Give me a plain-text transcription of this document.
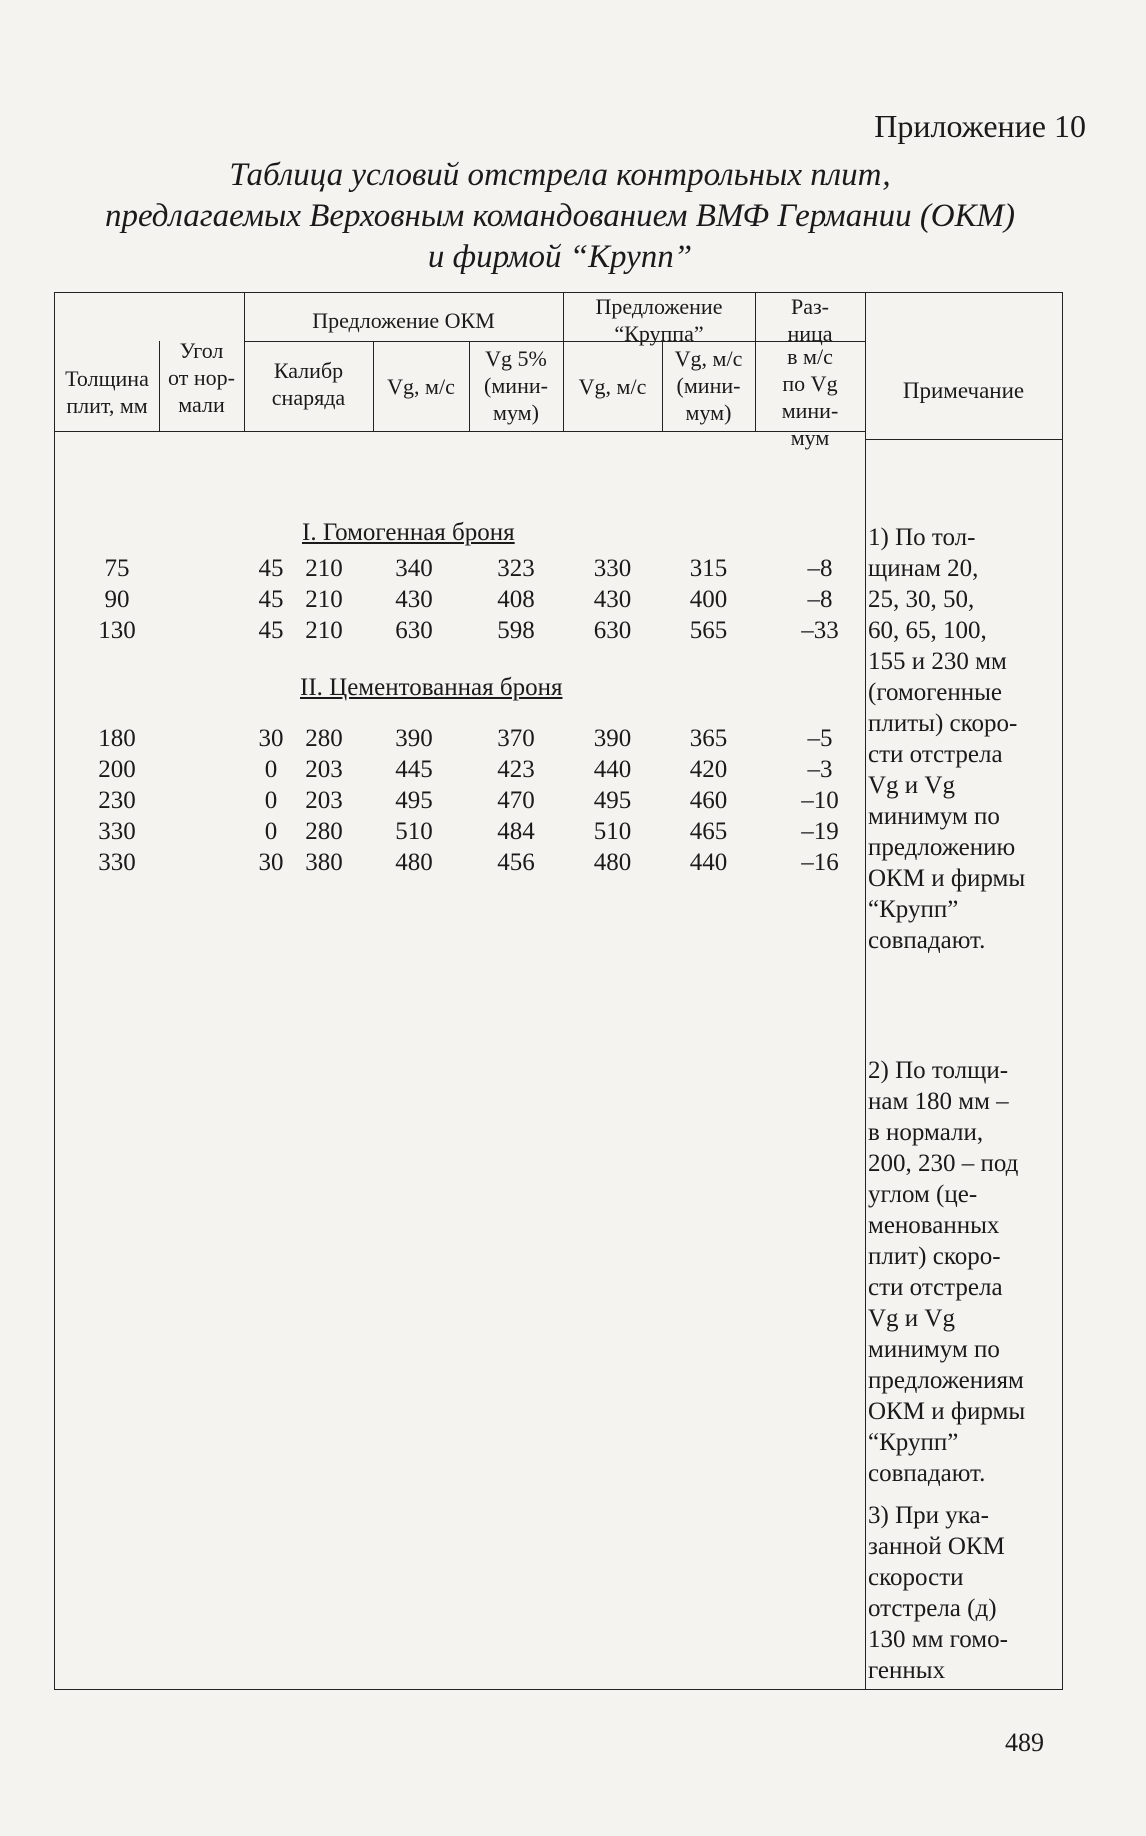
Приложение 10
Таблица условий отстрела контрольных плит,
предлагаемых Верховным командованием ВМФ Германии (ОКМ)
и фирмой “Крупп”
Толщина
плит, мм
Угол
от нор-
мали
Предложение ОКМ
Калибр
снаряда	Vg, м/с
Vg 5%
(мини-
мум)
Предложение
“Круппа”
Vg, м/с
Vg, м/с
(мини-
мум)
Раз-
ница
в м/с
по Vg
мини-
мум
Примечание
I. Гомогенная броня
75
90
130
45
45
45
210
210
210
340
430
630
323
408
598
330
430
630
315
400
565
–8
–8
–33
II. Цементованная броня
180
200
230
330
330
30
0
0
0
30
280
203
203
280
380
390
445
495
510
480
370
423
470
484
456
390
440
495
510
480
365
420
460
465
440
–5
–3
–10
–19
–16
1) По тол-
щинам 20,
25, 30, 50,
60, 65, 100,
155 и 230 мм
(гомогенные
плиты) скоро-
сти отстрела
Vg и Vg
минимум по
предложению
ОКМ и фирмы
“Крупп”
совпадают.
2) По толщи-
нам 180 мм –
в нормали,
200, 230 – под
углом (це-
менованных
плит) скоро-
сти отстрела
Vg и Vg
минимум по
предложениям
ОКМ и фирмы
“Крупп”
совпадают.
3) При ука-
занной ОКМ
скорости
отстрела (д)
130 мм гомо-
генных
489
